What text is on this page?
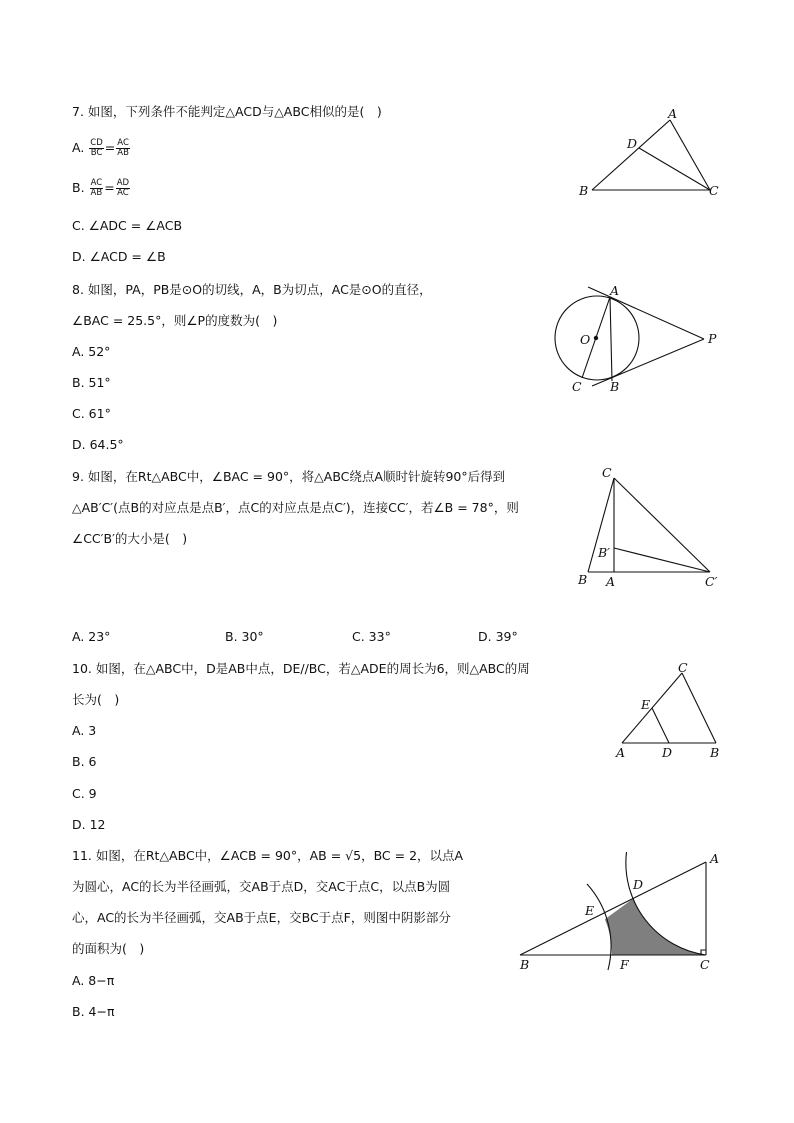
7. 如图，下列条件不能判定△ACD与△ABC相似的是(　)
A. $\frac{CD}{BC} = \frac{AC}{AB}$
B. $\frac{AC}{AB} = \frac{AD}{AC}$
C. ∠ADC = ∠ACB
D. ∠ACD = ∠B
A
D
B	C
8. 如图，PA，PB是⊙O的切线，A，B为切点，AC是⊙O的直径，
∠BAC = 25.5°，则∠P的度数为(　)
A. 52°
B. 51°
C. 61°
D. 64.5°
A
O	P
C B
9. 如图，在Rt△ABC中，∠BAC = 90°，将△ABC绕点A顺时针旋转90°后得到
△AB′C′(点B的对应点是点B′，点C的对应点是点C′)，连接CC′，若∠B = 78°，则
∠CC′B′的大小是(　)
A. 23°	B. 30°	C. 33°	D. 39°
C
B′
B A	C′
10. 如图，在△ABC中，D是AB中点，DE//BC，若△ADE的周长为6，则△ABC的周
长为(　)
A. 3
B. 6
C. 9
D. 12
C
E
A	D	B
11. 如图，在Rt△ABC中，∠ACB = 90°，AB = √5，BC = 2，以点A
为圆心，AC的长为半径画弧，交AB于点D，交AC于点C，以点B为圆
心，AC的长为半径画弧，交AB于点E，交BC于点F，则图中阴影部分
的面积为(　)
A. 8−π
B. 4−π
A
D
E
B	F	C
